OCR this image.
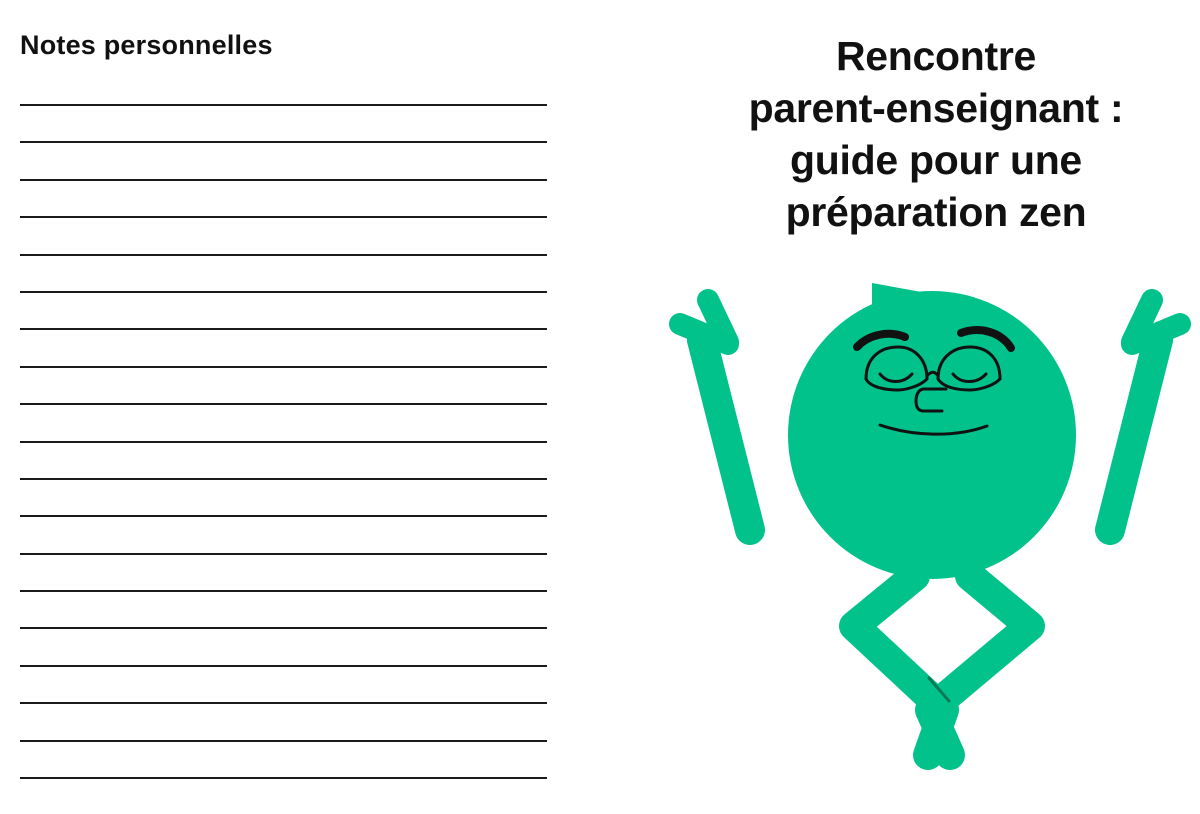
Notes personnelles	Rencontre
parent-enseignant :
guide pour une
préparation zen
